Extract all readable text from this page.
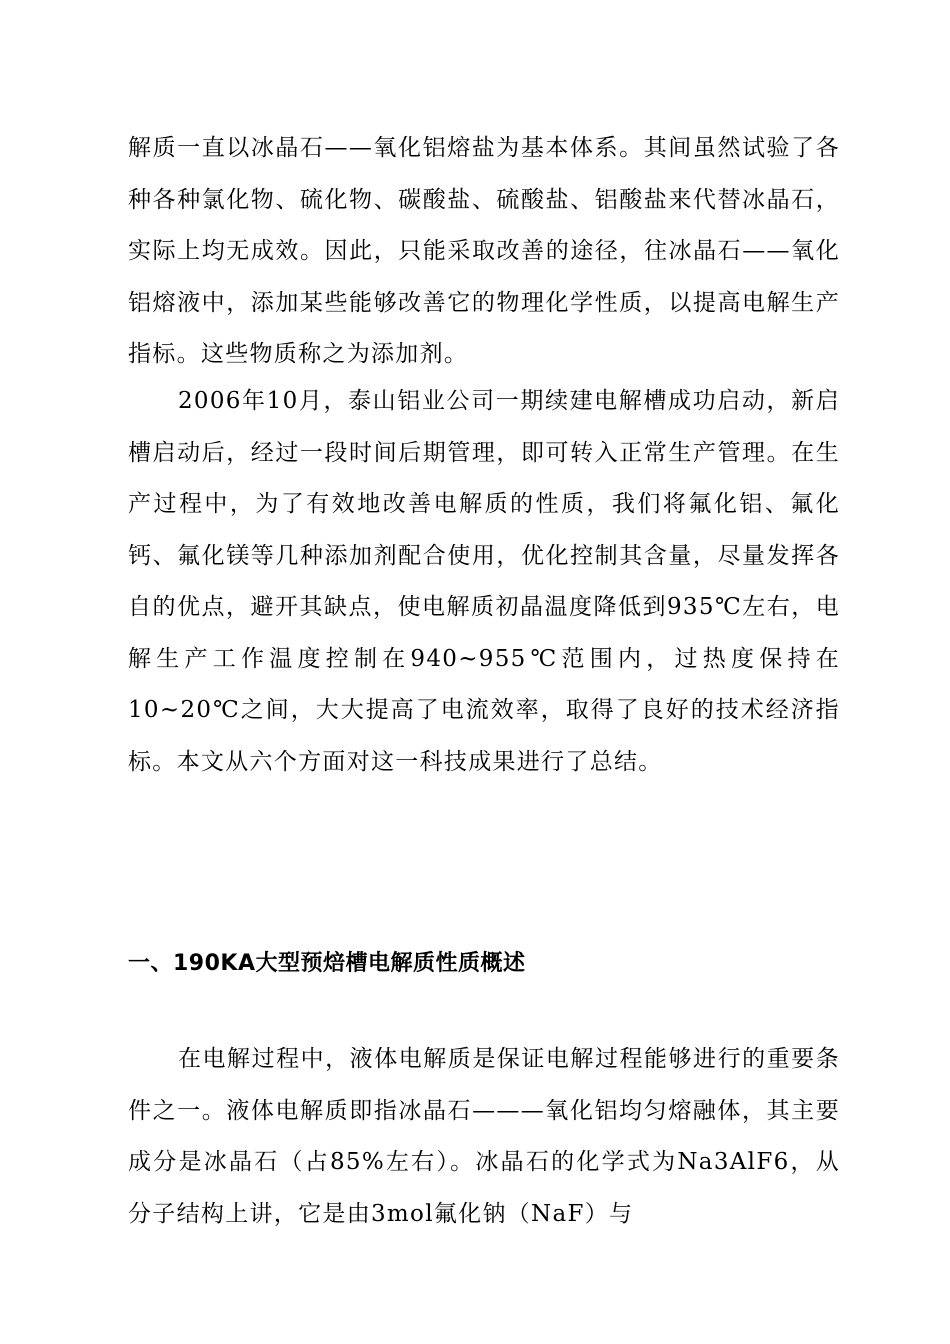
解质一直以冰晶石——氧化铝熔盐为基本体系。其间虽然试验了各种各种氯化物、硫化物、碳酸盐、硫酸盐、铝酸盐来代替冰晶石，实际上均无成效。因此，只能采取改善的途径，往冰晶石——氧化铝熔液中，添加某些能够改善它的物理化学性质，以提高电解生产指标。这些物质称之为添加剂。

2006年10月，泰山铝业公司一期续建电解槽成功启动，新启槽启动后，经过一段时间后期管理，即可转入正常生产管理。在生产过程中，为了有效地改善电解质的性质，我们将氟化铝、氟化钙、氟化镁等几种添加剂配合使用，优化控制其含量，尽量发挥各自的优点，避开其缺点，使电解质初晶温度降低到935℃左右，电解生产工作温度控制在940~955℃范围内，过热度保持在10~20℃之间，大大提高了电流效率，取得了良好的技术经济指标。本文从六个方面对这一科技成果进行了总结。

一、190KA大型预焙槽电解质性质概述

在电解过程中，液体电解质是保证电解过程能够进行的重要条件之一。液体电解质即指冰晶石———氧化铝均匀熔融体，其主要成分是冰晶石（占85%左右）。冰晶石的化学式为Na3AlF6，从分子结构上讲，它是由3mol氟化钠（NaF）与
